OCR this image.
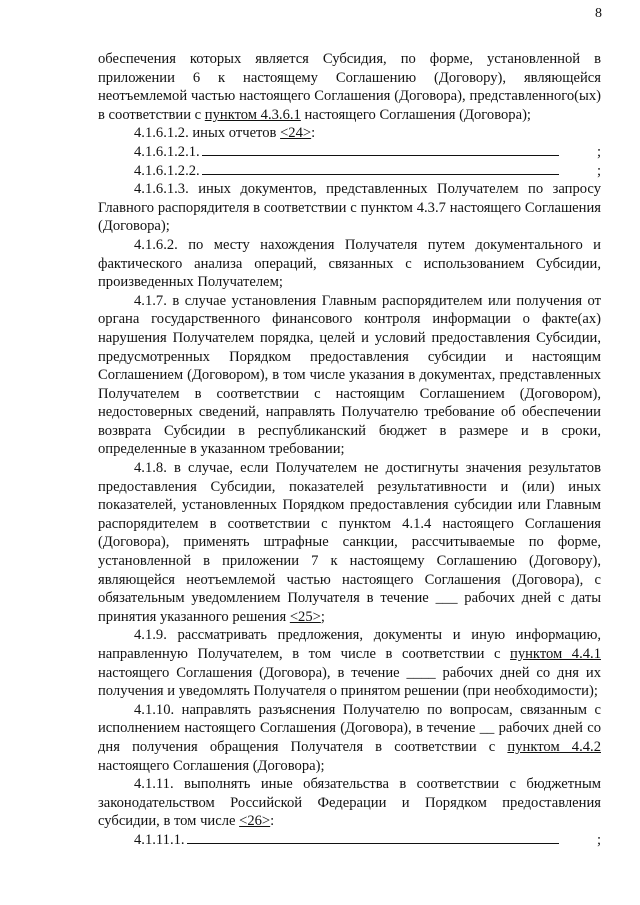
8

обеспечения которых является Субсидия, по форме, установленной в приложении 6 к настоящему Соглашению (Договору), являющейся неотъемлемой частью настоящего Соглашения (Договора), представленного(ых) в соответствии с пунктом 4.3.6.1 настоящего Соглашения (Договора);

4.1.6.1.2. иных отчетов <24>:

4.1.6.1.2.1.	;
4.1.6.1.2.2.	;

4.1.6.1.3. иных документов, представленных Получателем по запросу Главного распорядителя в соответствии с пунктом 4.3.7 настоящего Соглашения (Договора);

4.1.6.2. по месту нахождения Получателя путем документального и фактического анализа операций, связанных с использованием Субсидии, произведенных Получателем;

4.1.7. в случае установления Главным распорядителем или получения от органа государственного финансового контроля информации о факте(ах) нарушения Получателем порядка, целей и условий предоставления Субсидии, предусмотренных Порядком предоставления субсидии и настоящим Соглашением (Договором), в том числе указания в документах, представленных Получателем в соответствии с настоящим Соглашением (Договором), недостоверных сведений, направлять Получателю требование об обеспечении возврата Субсидии в республиканский бюджет в размере и в сроки, определенные в указанном требовании;

4.1.8. в случае, если Получателем не достигнуты значения результатов предоставления Субсидии, показателей результативности и (или) иных показателей, установленных Порядком предоставления субсидии или Главным распорядителем в соответствии с пунктом 4.1.4 настоящего Соглашения (Договора), применять штрафные санкции, рассчитываемые по форме, установленной в приложении 7 к настоящему Соглашению (Договору), являющейся неотъемлемой частью настоящего Соглашения (Договора), с обязательным уведомлением Получателя в течение ___ рабочих дней с даты принятия указанного решения <25>;

4.1.9. рассматривать предложения, документы и иную информацию, направленную Получателем, в том числе в соответствии с пунктом 4.4.1 настоящего Соглашения (Договора), в течение ____ рабочих дней со дня их получения и уведомлять Получателя о принятом решении (при необходимости);

4.1.10. направлять разъяснения Получателю по вопросам, связанным с исполнением настоящего Соглашения (Договора), в течение __ рабочих дней со дня получения обращения Получателя в соответствии с пунктом 4.4.2 настоящего Соглашения (Договора);

4.1.11. выполнять иные обязательства в соответствии с бюджетным законодательством Российской Федерации и Порядком предоставления субсидии, в том числе <26>:

4.1.11.1.	;
